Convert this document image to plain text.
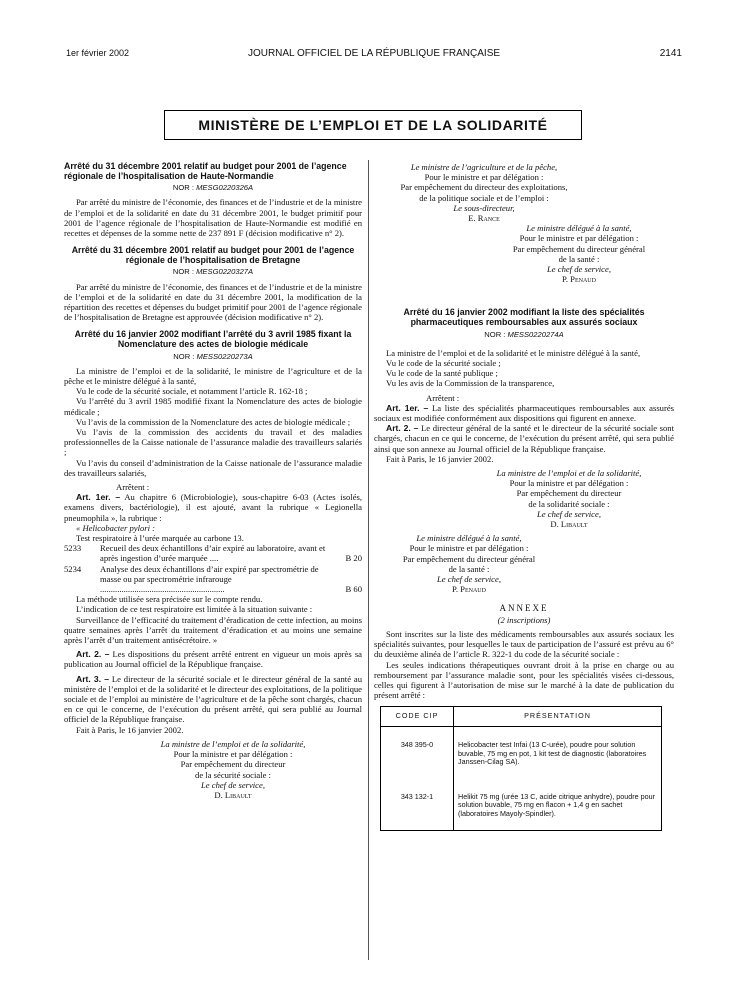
1er février 2002	JOURNAL OFFICIEL DE LA RÉPUBLIQUE FRANÇAISE	2141
MINISTÈRE DE L’EMPLOI ET DE LA SOLIDARITÉ
Arrêté du 31 décembre 2001 relatif au budget pour 2001 de l’agence régionale de l’hospitalisation de Haute-Normandie
NOR : MESG0220326A

Par arrêté du ministre de l’économie, des finances et de l’industrie et de la ministre de l’emploi et de la solidarité en date du 31 décembre 2001, le budget primitif pour 2001 de l’agence régionale de l’hospitalisation de Haute-Normandie est modifié en recettes et dépenses de la somme nette de 237 891 F (décision modificative n° 2).

Arrêté du 31 décembre 2001 relatif au budget pour 2001 de l’agence régionale de l’hospitalisation de Bretagne
NOR : MESG0220327A

Par arrêté du ministre de l’économie, des finances et de l’industrie et de la ministre de l’emploi et de la solidarité en date du 31 décembre 2001, la modification de la répartition des recettes et dépenses du budget primitif pour 2001 de l’agence régionale de l’hospitalisation de Bretagne est approuvée (décision modificative n° 2).

Arrêté du 16 janvier 2002 modifiant l’arrêté du 3 avril 1985 fixant la Nomenclature des actes de biologie médicale
NOR : MESS0220273A

La ministre de l’emploi et de la solidarité, le ministre de l’agriculture et de la pêche et le ministre délégué à la santé,

Vu le code de la sécurité sociale, et notamment l’article R. 162-18 ;

Vu l’arrêté du 3 avril 1985 modifié fixant la Nomenclature des actes de biologie médicale ;

Vu l’avis de la commission de la Nomenclature des actes de biologie médicale ;

Vu l’avis de la commission des accidents du travail et des maladies professionnelles de la Caisse nationale de l’assurance maladie des travailleurs salariés ;

Vu l’avis du conseil d’administration de la Caisse nationale de l’assurance maladie des travailleurs salariés,

Arrêtent :

Art. 1er. – Au chapitre 6 (Microbiologie), sous-chapitre 6-03 (Actes isolés, examens divers, bactériologie), il est ajouté, avant la rubrique « Legionella pneumophila », la rubrique :

« Helicobacter pylori :

Test respiratoire à l’urée marquée au carbone 13.

5233	Recueil des deux échantillons d’air expiré au laboratoire, avant et après ingestion d’urée marquée ....	B 20
5234	Analyse des deux échantillons d’air expiré par spectrométrie de masse ou par spectrométrie infrarouge ..........................................................	B 60

La méthode utilisée sera précisée sur le compte rendu.

L’indication de ce test respiratoire est limitée à la situation suivante :

Surveillance de l’efficacité du traitement d’éradication de cette infection, au moins quatre semaines après l’arrêt du traitement d’éradication et au moins une semaine après l’arrêt d’un traitement antisécrétoire. »

Art. 2. – Les dispositions du présent arrêté entrent en vigueur un mois après sa publication au Journal officiel de la République française.

Art. 3. – Le directeur de la sécurité sociale et le directeur général de la santé au ministère de l’emploi et de la solidarité et le directeur des exploitations, de la politique sociale et de l’emploi au ministère de l’agriculture et de la pêche sont chargés, chacun en ce qui le concerne, de l’exécution du présent arrêté, qui sera publié au Journal officiel de la République française.

Fait à Paris, le 16 janvier 2002.

La ministre de l’emploi et de la solidarité,
Pour la ministre et par délégation :
Par empêchement du directeur
de la sécurité sociale :
Le chef de service,
D. Libault
Le ministre de l’agriculture et de la pêche,
Pour le ministre et par délégation :
Par empêchement du directeur des exploitations,
de la politique sociale et de l’emploi :
Le sous-directeur,
E. Rance
Le ministre délégué à la santé,
Pour le ministre et par délégation :
Par empêchement du directeur général
de la santé :
Le chef de service,
P. Penaud
Arrêté du 16 janvier 2002 modifiant la liste des spécialités pharmaceutiques remboursables aux assurés sociaux
NOR : MESS0220274A

La ministre de l’emploi et de la solidarité et le ministre délégué à la santé,

Vu le code de la sécurité sociale ;

Vu le code de la santé publique ;

Vu les avis de la Commission de la transparence,

Arrêtent :

Art. 1er. – La liste des spécialités pharmaceutiques remboursables aux assurés sociaux est modifiée conformément aux dispositions qui figurent en annexe.

Art. 2. – Le directeur général de la santé et le directeur de la sécurité sociale sont chargés, chacun en ce qui le concerne, de l’exécution du présent arrêté, qui sera publié ainsi que son annexe au Journal officiel de la République française.

Fait à Paris, le 16 janvier 2002.

La ministre de l’emploi et de la solidarité,
Pour la ministre et par délégation :
Par empêchement du directeur
de la solidarité sociale :
Le chef de service,
D. Libault
Le ministre délégué à la santé,
Pour le ministre et par délégation :
Par empêchement du directeur général
de la santé :
Le chef de service,
P. Penaud
ANNEXE
(2 inscriptions)

Sont inscrites sur la liste des médicaments remboursables aux assurés sociaux les spécialités suivantes, pour lesquelles le taux de participation de l’assuré est prévu au 6° du deuxième alinéa de l’article R. 322-1 du code de la sécurité sociale :

Les seules indications thérapeutiques ouvrant droit à la prise en charge ou au remboursement par l’assurance maladie sont, pour les spécialités visées ci-dessous, celles qui figurent à l’autorisation de mise sur le marché à la date de publication du présent arrêté :

CODE CIP	PRÉSENTATION
348 395-0	Helicobacter test Infai (13 C-urée), poudre pour solution buvable, 75 mg en pot, 1 kit test de diagnostic (laboratoires Janssen-Cilag SA).
343 132-1	Helikit 75 mg (urée 13 C, acide citrique anhydre), poudre pour solution buvable, 75 mg en flacon + 1,4 g en sachet (laboratoires Mayoly-Spindler).
